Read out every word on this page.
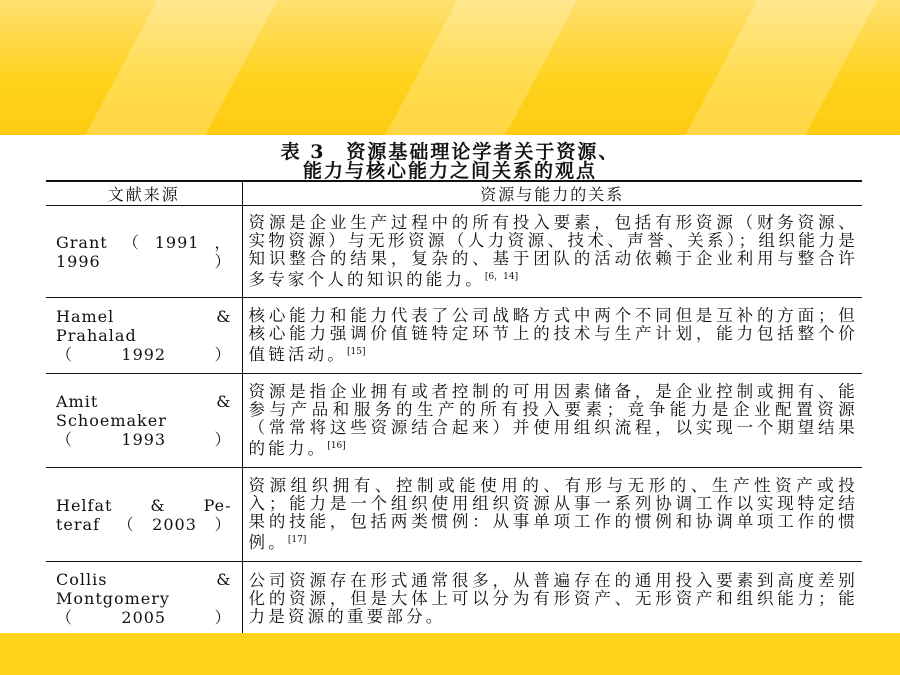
表 3　资源基础理论学者关于资源、
能力与核心能力之间关系的观点
文献来源	资源与能力的关系

Grant（1991，
1996）	资源是企业生产过程中的所有投入要素，包括有形资源（财务资源、实物资源）与无形资源（人力资源、技术、声誉、关系）；组织能力是知识整合的结果，复杂的、基于团队的活动依赖于企业利用与整合许多专家个人的知识的能力。[6，14]

Hamel　　&
Prahalad
（1992）	核心能力和能力代表了公司战略方式中两个不同但是互补的方面；但核心能力强调价值链特定环节上的技术与生产计划，能力包括整个价值链活动。[15]

Amit　　&
Schoemaker
（1993）	资源是指企业拥有或者控制的可用因素储备，是企业控制或拥有、能参与产品和服务的生产的所有投入要素；竞争能力是企业配置资源（常常将这些资源结合起来）并使用组织流程，以实现一个期望结果的能力。[16]

Helfat & Pe-
teraf（2003）	资源组织拥有、控制或能使用的、有形与无形的、生产性资产或投入；能力是一个组织使用组织资源从事一系列协调工作以实现特定结果的技能，包括两类惯例：从事单项工作的惯例和协调单项工作的惯例。[17]

Collis　　&
Montgomery
（2005）	公司资源存在形式通常很多，从普遍存在的通用投入要素到高度差别化的资源，但是大体上可以分为有形资产、无形资产和组织能力；能力是资源的重要部分。
